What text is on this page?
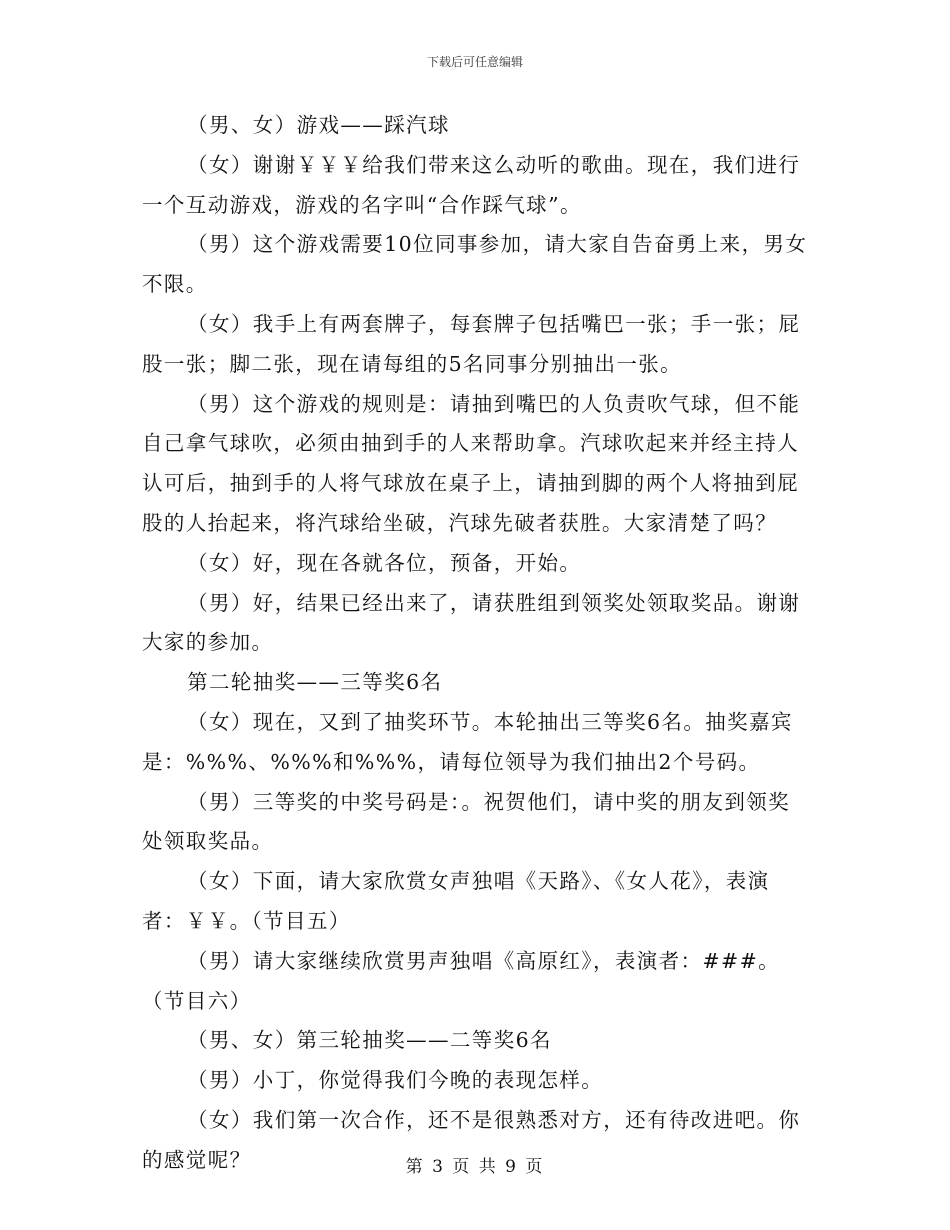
下载后可任意编辑

（男、女）游戏——踩汽球

（女）谢谢￥￥￥给我们带来这么动听的歌曲。现在，我们进行一个互动游戏，游戏的名字叫“合作踩气球”。

（男）这个游戏需要10位同事参加，请大家自告奋勇上来，男女不限。

（女）我手上有两套牌子，每套牌子包括嘴巴一张；手一张；屁股一张；脚二张，现在请每组的5名同事分别抽出一张。

（男）这个游戏的规则是：请抽到嘴巴的人负责吹气球，但不能自己拿气球吹，必须由抽到手的人来帮助拿。汽球吹起来并经主持人认可后，抽到手的人将气球放在桌子上，请抽到脚的两个人将抽到屁股的人抬起来，将汽球给坐破，汽球先破者获胜。大家清楚了吗？

（女）好，现在各就各位，预备，开始。

（男）好，结果已经出来了，请获胜组到领奖处领取奖品。谢谢大家的参加。

第二轮抽奖——三等奖6名

（女）现在，又到了抽奖环节。本轮抽出三等奖6名。抽奖嘉宾是：%%%、%%%和%%%，请每位领导为我们抽出2个号码。

（男）三等奖的中奖号码是：。祝贺他们，请中奖的朋友到领奖处领取奖品。

（女）下面，请大家欣赏女声独唱《天路》、《女人花》，表演者：￥￥。（节目五）

（男）请大家继续欣赏男声独唱《高原红》，表演者：###。（节目六）

（男、女）第三轮抽奖——二等奖6名

（男）小丁，你觉得我们今晚的表现怎样。

（女）我们第一次合作，还不是很熟悉对方，还有待改进吧。你的感觉呢？	第 3 页 共 9 页
